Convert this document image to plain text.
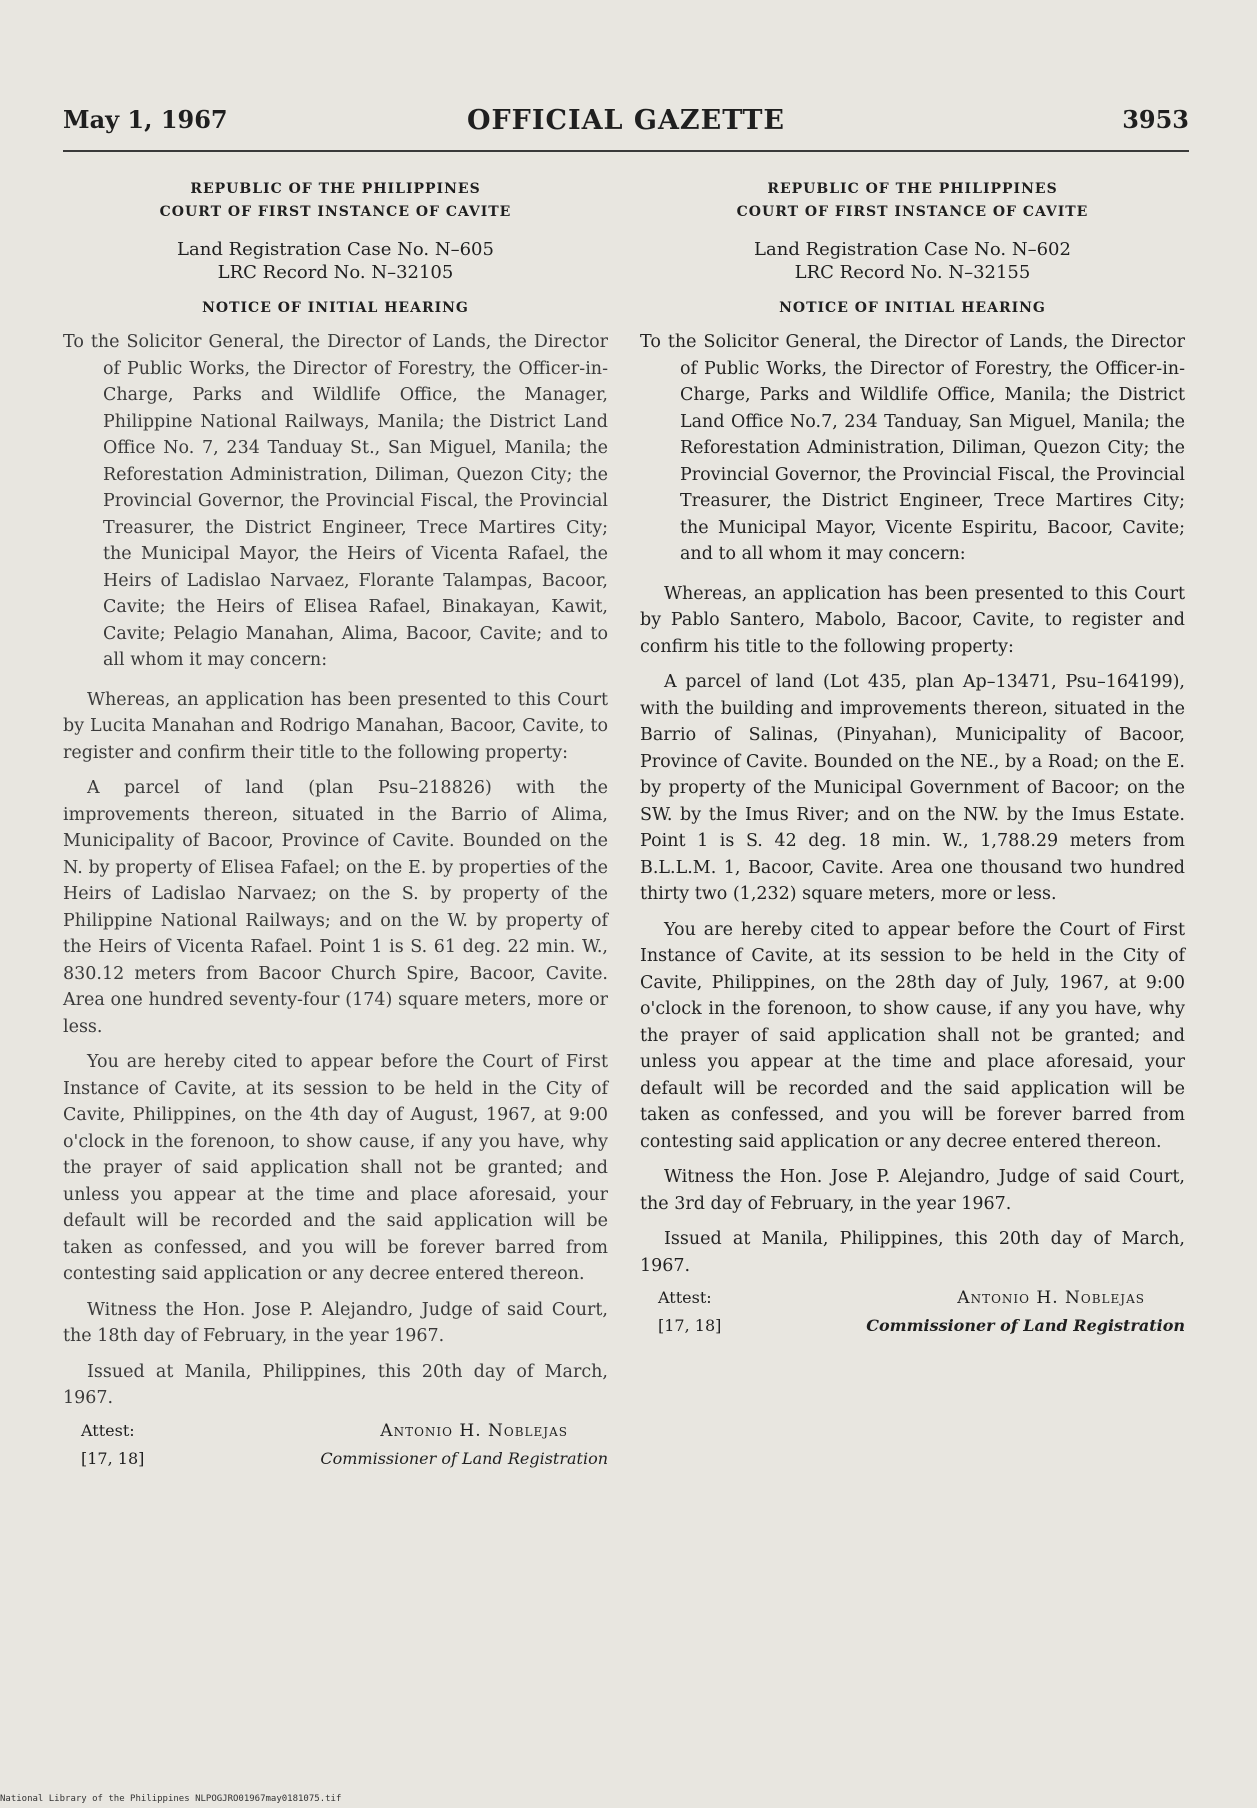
May 1, 1967	OFFICIAL GAZETTE	3953
REPUBLIC OF THE PHILIPPINES
COURT OF FIRST INSTANCE OF CAVITE
Land Registration Case No. N–605
LRC Record No. N–32105
NOTICE OF INITIAL HEARING

To the Solicitor General, the Director of Lands, the Director of Public Works, the Director of Forestry, the Officer-in-Charge, Parks and Wildlife Office, the Manager, Philippine National Railways, Manila; the District Land Office No. 7, 234 Tanduay St., San Miguel, Manila; the Reforestation Administration, Diliman, Quezon City; the Provincial Governor, the Provincial Fiscal, the Provincial Treasurer, the District Engineer, Trece Martires City; the Municipal Mayor, the Heirs of Vicenta Rafael, the Heirs of Ladislao Narvaez, Florante Talampas, Bacoor, Cavite; the Heirs of Elisea Rafael, Binakayan, Kawit, Cavite; Pelagio Manahan, Alima, Bacoor, Cavite; and to all whom it may concern:

Whereas, an application has been presented to this Court by Lucita Manahan and Rodrigo Manahan, Bacoor, Cavite, to register and confirm their title to the following property:

A parcel of land (plan Psu–218826) with the improvements thereon, situated in the Barrio of Alima, Municipality of Bacoor, Province of Cavite. Bounded on the N. by property of Elisea Fafael; on the E. by properties of the Heirs of Ladislao Narvaez; on the S. by property of the Philippine National Railways; and on the W. by property of the Heirs of Vicenta Rafael. Point 1 is S. 61 deg. 22 min. W., 830.12 meters from Bacoor Church Spire, Bacoor, Cavite. Area one hundred seventy-four (174) square meters, more or less.

You are hereby cited to appear before the Court of First Instance of Cavite, at its session to be held in the City of Cavite, Philippines, on the 4th day of August, 1967, at 9:00 o'clock in the forenoon, to show cause, if any you have, why the prayer of said application shall not be granted; and unless you appear at the time and place aforesaid, your default will be recorded and the said application will be taken as confessed, and you will be forever barred from contesting said application or any decree entered thereon.

Witness the Hon. Jose P. Alejandro, Judge of said Court, the 18th day of February, in the year 1967.

Issued at Manila, Philippines, this 20th day of March, 1967.

Attest:
[17, 18]
Antonio H. Noblejas
Commissioner of Land Registration
REPUBLIC OF THE PHILIPPINES
COURT OF FIRST INSTANCE OF CAVITE
Land Registration Case No. N–602
LRC Record No. N–32155
NOTICE OF INITIAL HEARING

To the Solicitor General, the Director of Lands, the Director of Public Works, the Director of Forestry, the Officer-in-Charge, Parks and Wildlife Office, Manila; the District Land Office No.7, 234 Tanduay, San Miguel, Manila; the Reforestation Administration, Diliman, Quezon City; the Provincial Governor, the Provincial Fiscal, the Provincial Treasurer, the District Engineer, Trece Martires City; the Municipal Mayor, Vicente Espiritu, Bacoor, Cavite; and to all whom it may concern:

Whereas, an application has been presented to this Court by Pablo Santero, Mabolo, Bacoor, Cavite, to register and confirm his title to the following property:

A parcel of land (Lot 435, plan Ap–13471, Psu–164199), with the building and improvements thereon, situated in the Barrio of Salinas, (Pinyahan), Municipality of Bacoor, Province of Cavite. Bounded on the NE., by a Road; on the E. by property of the Municipal Government of Bacoor; on the SW. by the Imus River; and on the NW. by the Imus Estate. Point 1 is S. 42 deg. 18 min. W., 1,788.29 meters from B.L.L.M. 1, Bacoor, Cavite. Area one thousand two hundred thirty two (1,232) square meters, more or less.

You are hereby cited to appear before the Court of First Instance of Cavite, at its session to be held in the City of Cavite, Philippines, on the 28th day of July, 1967, at 9:00 o'clock in the forenoon, to show cause, if any you have, why the prayer of said application shall not be granted; and unless you appear at the time and place aforesaid, your default will be recorded and the said application will be taken as confessed, and you will be forever barred from contesting said application or any decree entered thereon.

Witness the Hon. Jose P. Alejandro, Judge of said Court, the 3rd day of February, in the year 1967.

Issued at Manila, Philippines, this 20th day of March, 1967.

Attest:
[17, 18]
Antonio H. Noblejas
Commissioner of Land Registration
National Library of the Philippines NLPOGJRO01967may0181075.tif
